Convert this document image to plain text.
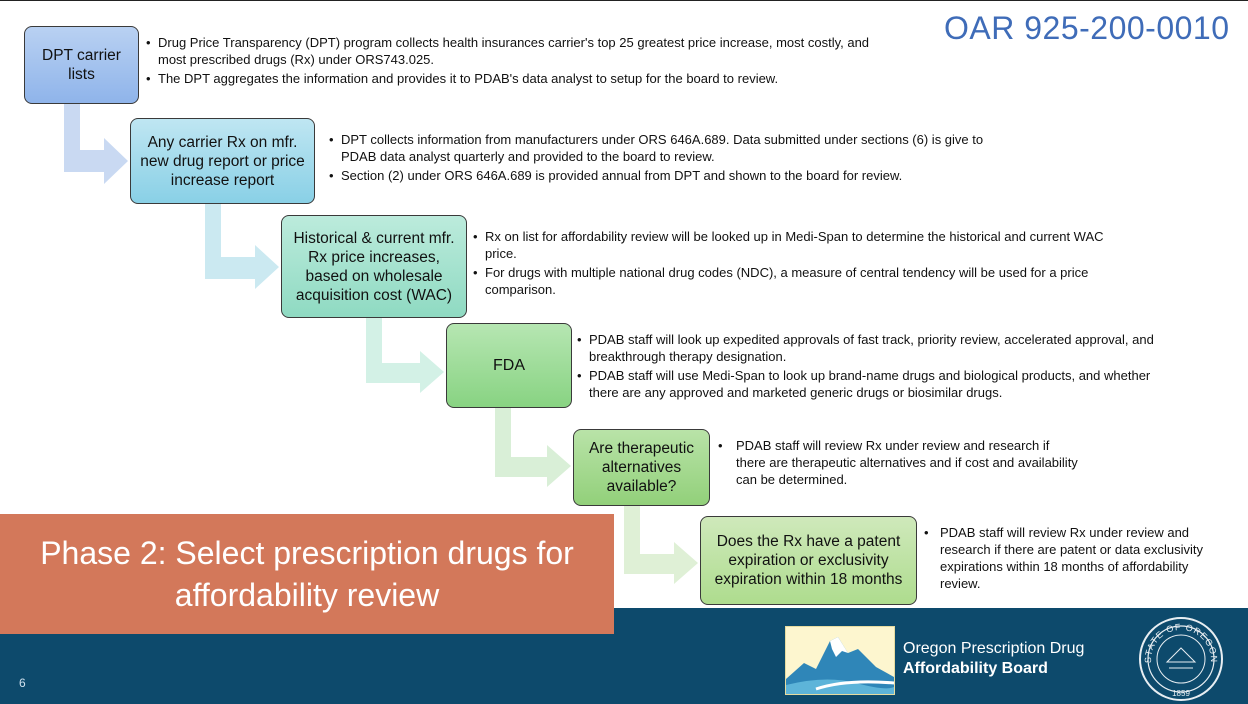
OAR 925-200-0010
DPT carrier lists
Any carrier Rx on mfr. new drug report or price increase report
Historical & current mfr. Rx price increases, based on wholesale acquisition cost (WAC)
FDA
Are therapeutic alternatives available?
Does the Rx have a patent expiration or exclusivity expiration within 18 months
• Drug Price Transparency (DPT) program collects health insurances carrier's top 25 greatest price increase, most costly, and most prescribed drugs (Rx) under ORS743.025.
• The DPT aggregates the information and provides it to PDAB's data analyst to setup for the board to review.
• DPT collects information from manufacturers under ORS 646A.689. Data submitted under sections (6) is give to PDAB data analyst quarterly and provided to the board to review.
• Section (2) under ORS 646A.689 is provided annual from DPT and shown to the board for review.
• Rx on list for affordability review will be looked up in Medi-Span to determine the historical and current WAC price.
• For drugs with multiple national drug codes (NDC), a measure of central tendency will be used for a price comparison.
• PDAB staff will look up expedited approvals of fast track, priority review, accelerated approval, and breakthrough therapy designation.
• PDAB staff will use Medi-Span to look up brand-name drugs and biological products, and whether there are any approved and marketed generic drugs or biosimilar drugs.
• PDAB staff will review Rx under review and research if there are therapeutic alternatives and if cost and availability can be determined.
• PDAB staff will review Rx under review and research if there are patent or data exclusivity expirations within 18 months of affordability review.
6
Oregon Prescription Drug
Affordability Board
STATE OF OREGON
1859
Phase 2: Select prescription drugs for affordability review
